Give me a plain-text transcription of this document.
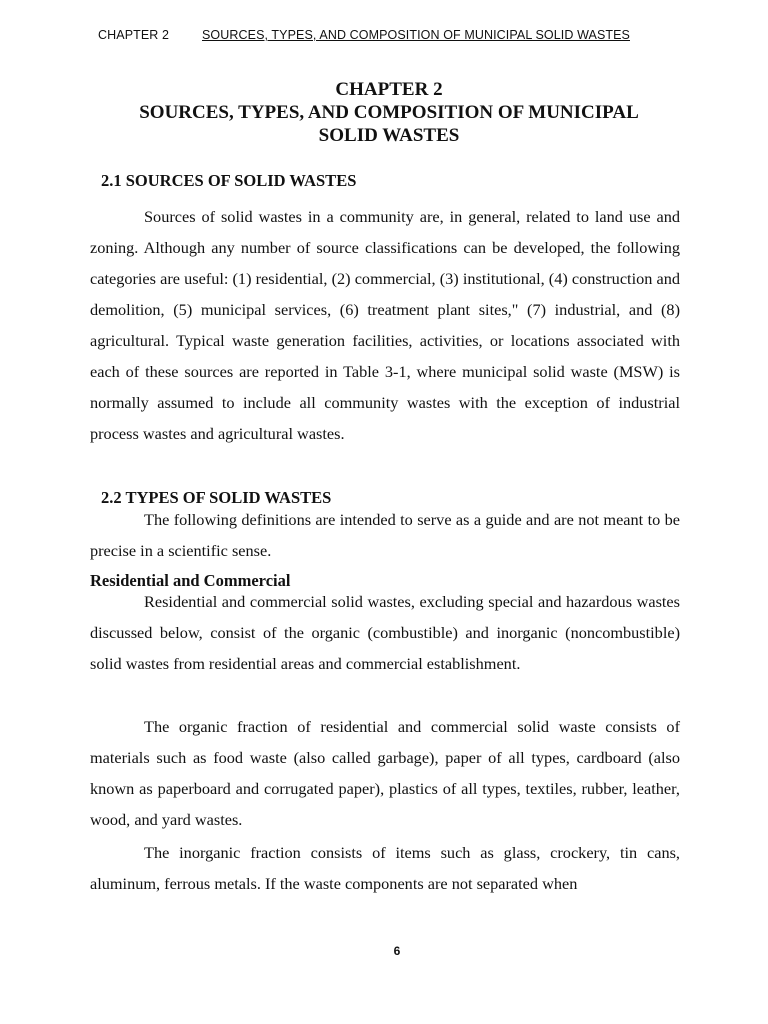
CHAPTER 2	SOURCES, TYPES, AND COMPOSITION OF MUNICIPAL SOLID WASTES
CHAPTER 2
SOURCES, TYPES, AND COMPOSITION OF MUNICIPAL
SOLID WASTES
2.1 SOURCES OF SOLID WASTES

Sources of solid wastes in a community are, in general, related to land use and zoning. Although any number of source classifications can be developed, the following categories are useful: (1) residential, (2) commercial, (3) institutional, (4) construction and demolition, (5) municipal services, (6) treatment plant sites," (7) industrial, and (8) agricultural. Typical waste generation facilities, activities, or locations associated with each of these sources are reported in Table 3-1, where municipal solid waste (MSW) is normally assumed to include all community wastes with the exception of industrial process wastes and agricultural wastes.

2.2 TYPES OF SOLID WASTES

The following definitions are intended to serve as a guide and are not meant to be precise in a scientific sense.

Residential and Commercial

Residential and commercial solid wastes, excluding special and hazardous wastes discussed below, consist of the organic (combustible) and inorganic (noncombustible) solid wastes from residential areas and commercial establishment.

The organic fraction of residential and commercial solid waste consists of materials such as food waste (also called garbage), paper of all types, cardboard (also known as paperboard and corrugated paper), plastics of all types, textiles, rubber, leather, wood, and yard wastes.

The inorganic fraction consists of items such as glass, crockery, tin cans, aluminum, ferrous metals. If the waste components are not separated when

6
